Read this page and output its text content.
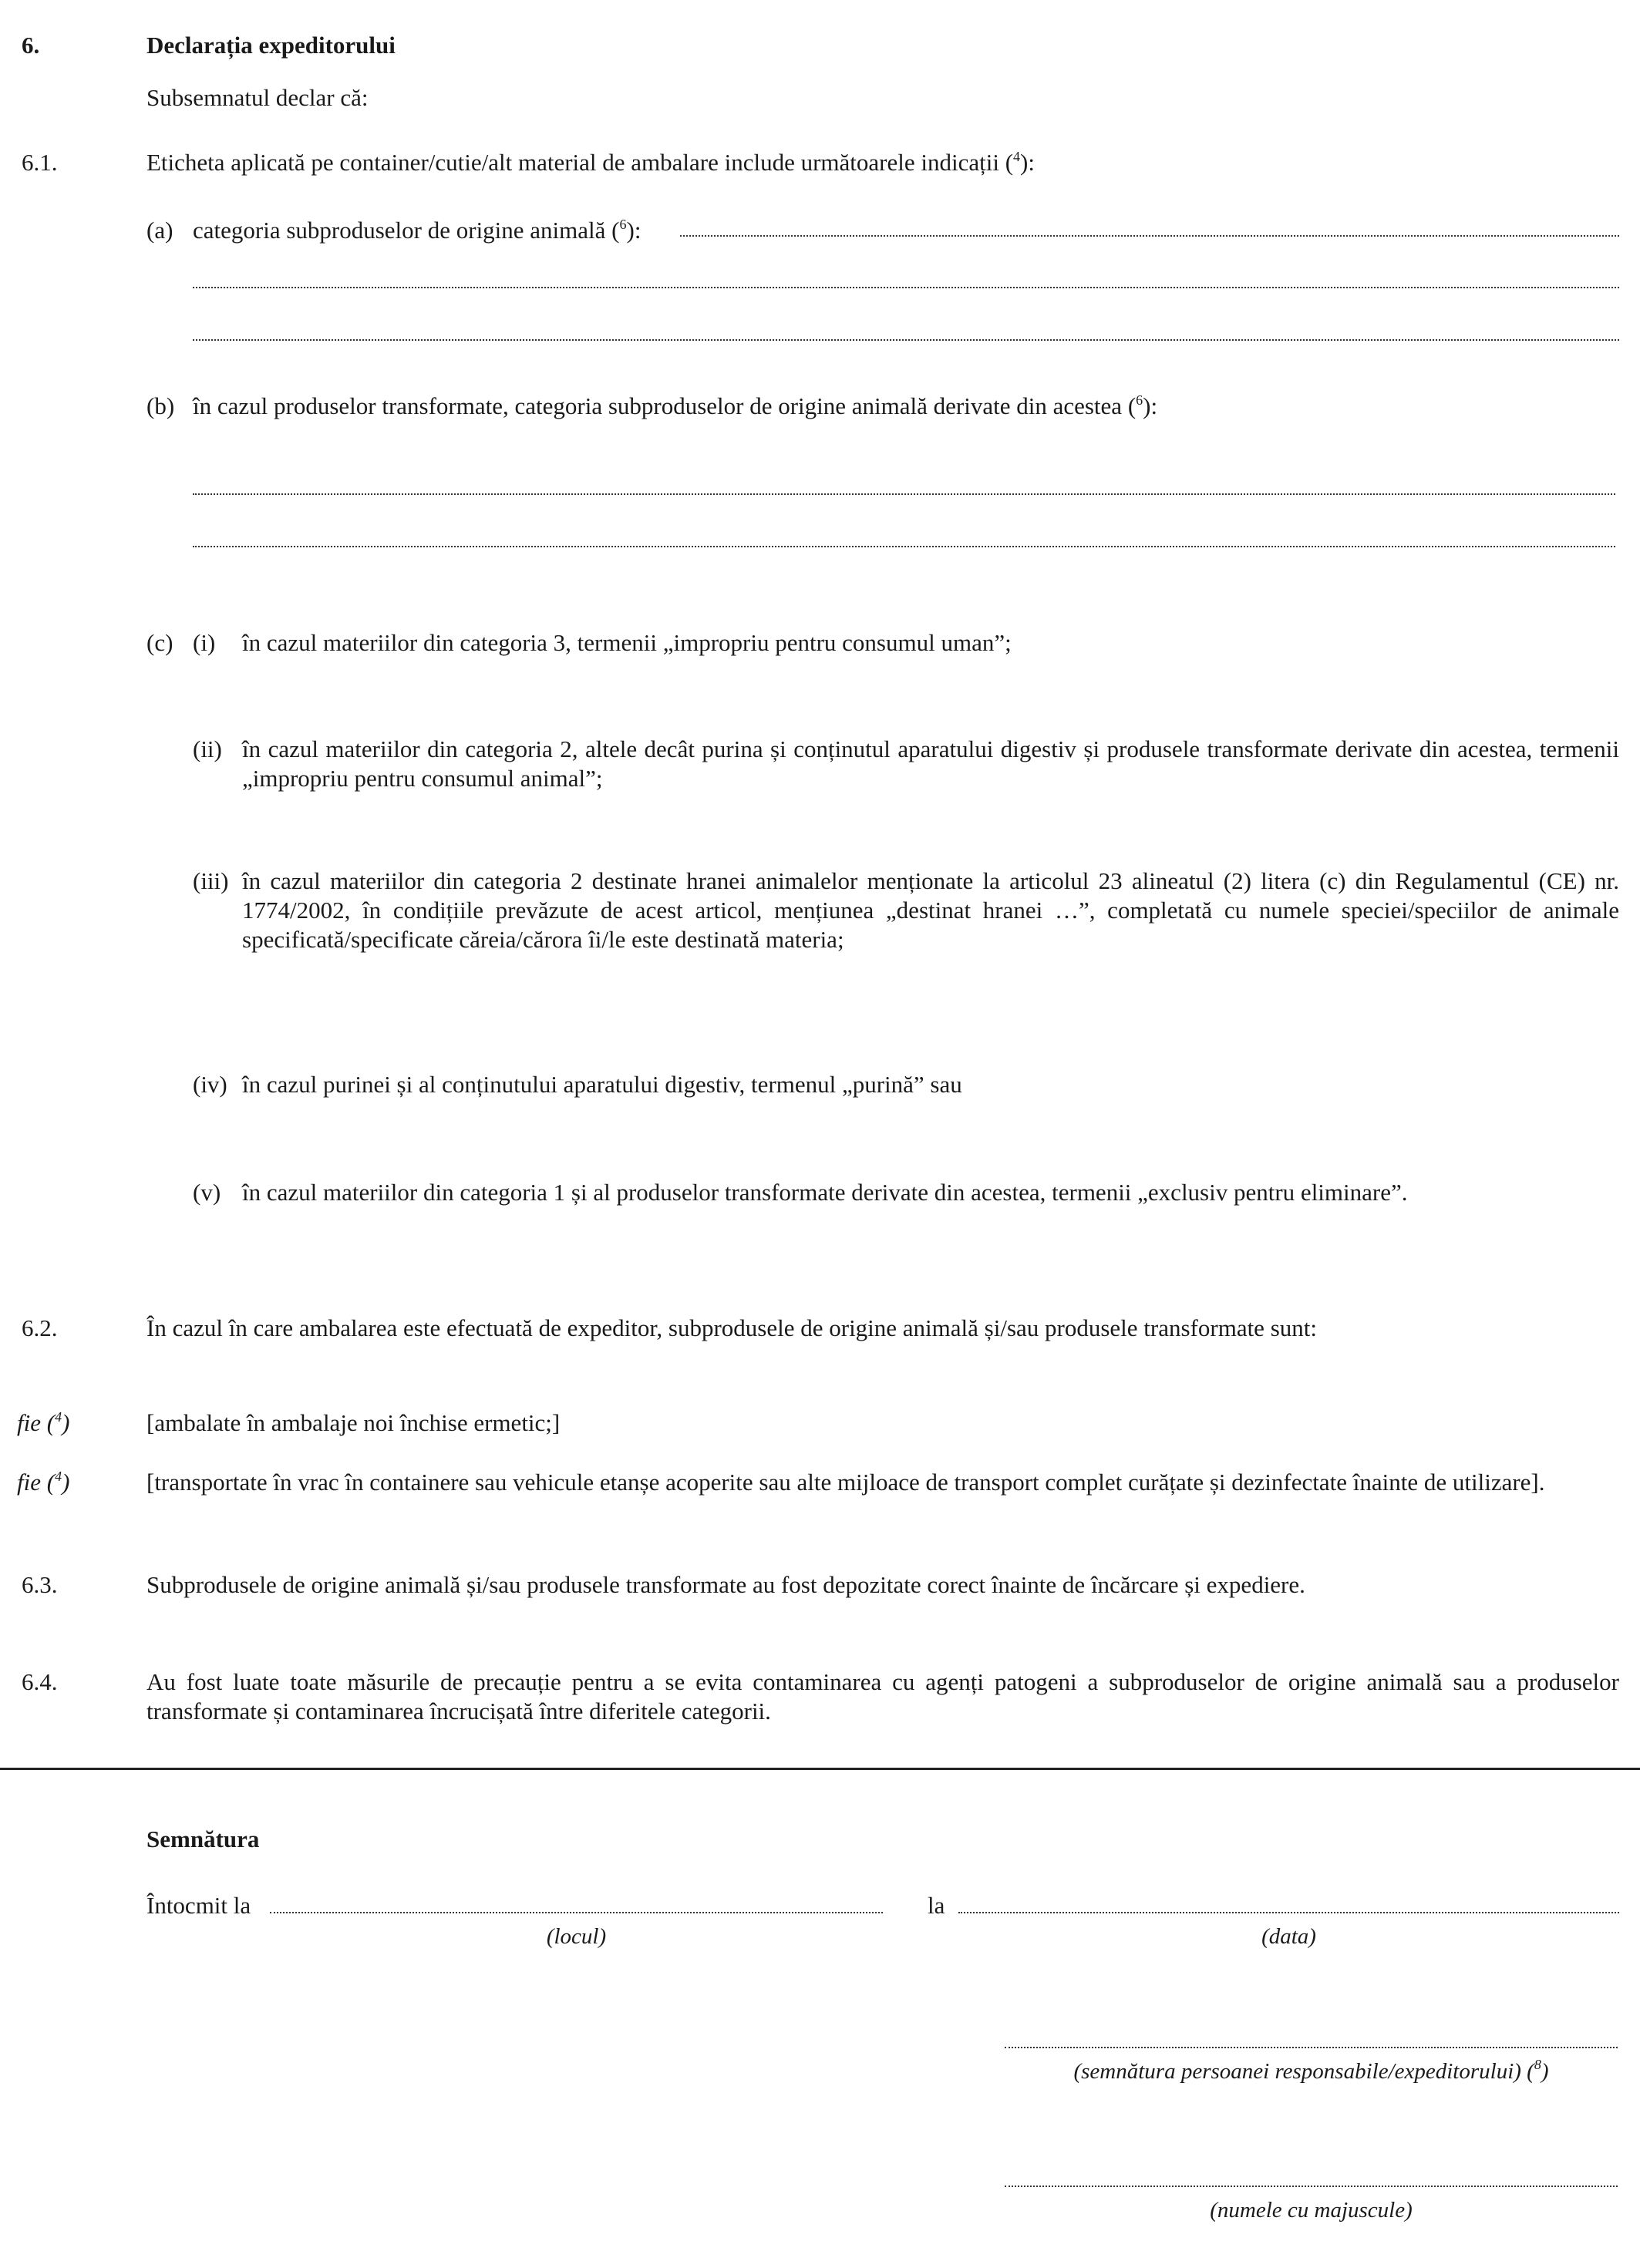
6.	Declarația expeditorului
Subsemnatul declar că:
6.1.	Eticheta aplicată pe container/cutie/alt material de ambalare include următoarele indicații ($^4$):
(a) categoria subproduselor de origine animală ($^6$):
(b) în cazul produselor transformate, categoria subproduselor de origine animală derivate din acestea ($^6$):
(c) (i) în cazul materiilor din categoria 3, termenii „impropriu pentru consumul uman”;
(ii) în cazul materiilor din categoria 2, altele decât purina și conținutul aparatului digestiv și produsele transformate derivate din acestea, termenii „impropriu pentru consumul animal”;
(iii) în cazul materiilor din categoria 2 destinate hranei animalelor menționate la articolul 23 alineatul (2) litera (c) din Regulamentul (CE) nr. 1774/2002, în condițiile prevăzute de acest articol, mențiunea „destinat hranei …”, completată cu numele speciei/speciilor de animale specificată/specificate căreia/cărora îi/le este destinată materia;
(iv) în cazul purinei și al conținutului aparatului digestiv, termenul „purină” sau
(v) în cazul materiilor din categoria 1 și al produselor transformate derivate din acestea, termenii „exclusiv pentru eliminare”.
6.2.	În cazul în care ambalarea este efectuată de expeditor, subprodusele de origine animală și/sau produsele transformate sunt:
fie ($^4$)	[ambalate în ambalaje noi închise ermetic;]
fie ($^4$)	[transportate în vrac în containere sau vehicule etanșe acoperite sau alte mijloace de transport complet curățate și dezinfectate înainte de utilizare].
6.3.	Subprodusele de origine animală și/sau produsele transformate au fost depozitate corect înainte de încărcare și expediere.
6.4.	Au fost luate toate măsurile de precauție pentru a se evita contaminarea cu agenți patogeni a subproduselor de origine animală sau a produselor transformate și contaminarea încrucișată între diferitele categorii.
Semnătura
Întocmit la
(locul)
la
(data)
(semnătura persoanei responsabile/expeditorului) ($^8$)
(numele cu majuscule)
